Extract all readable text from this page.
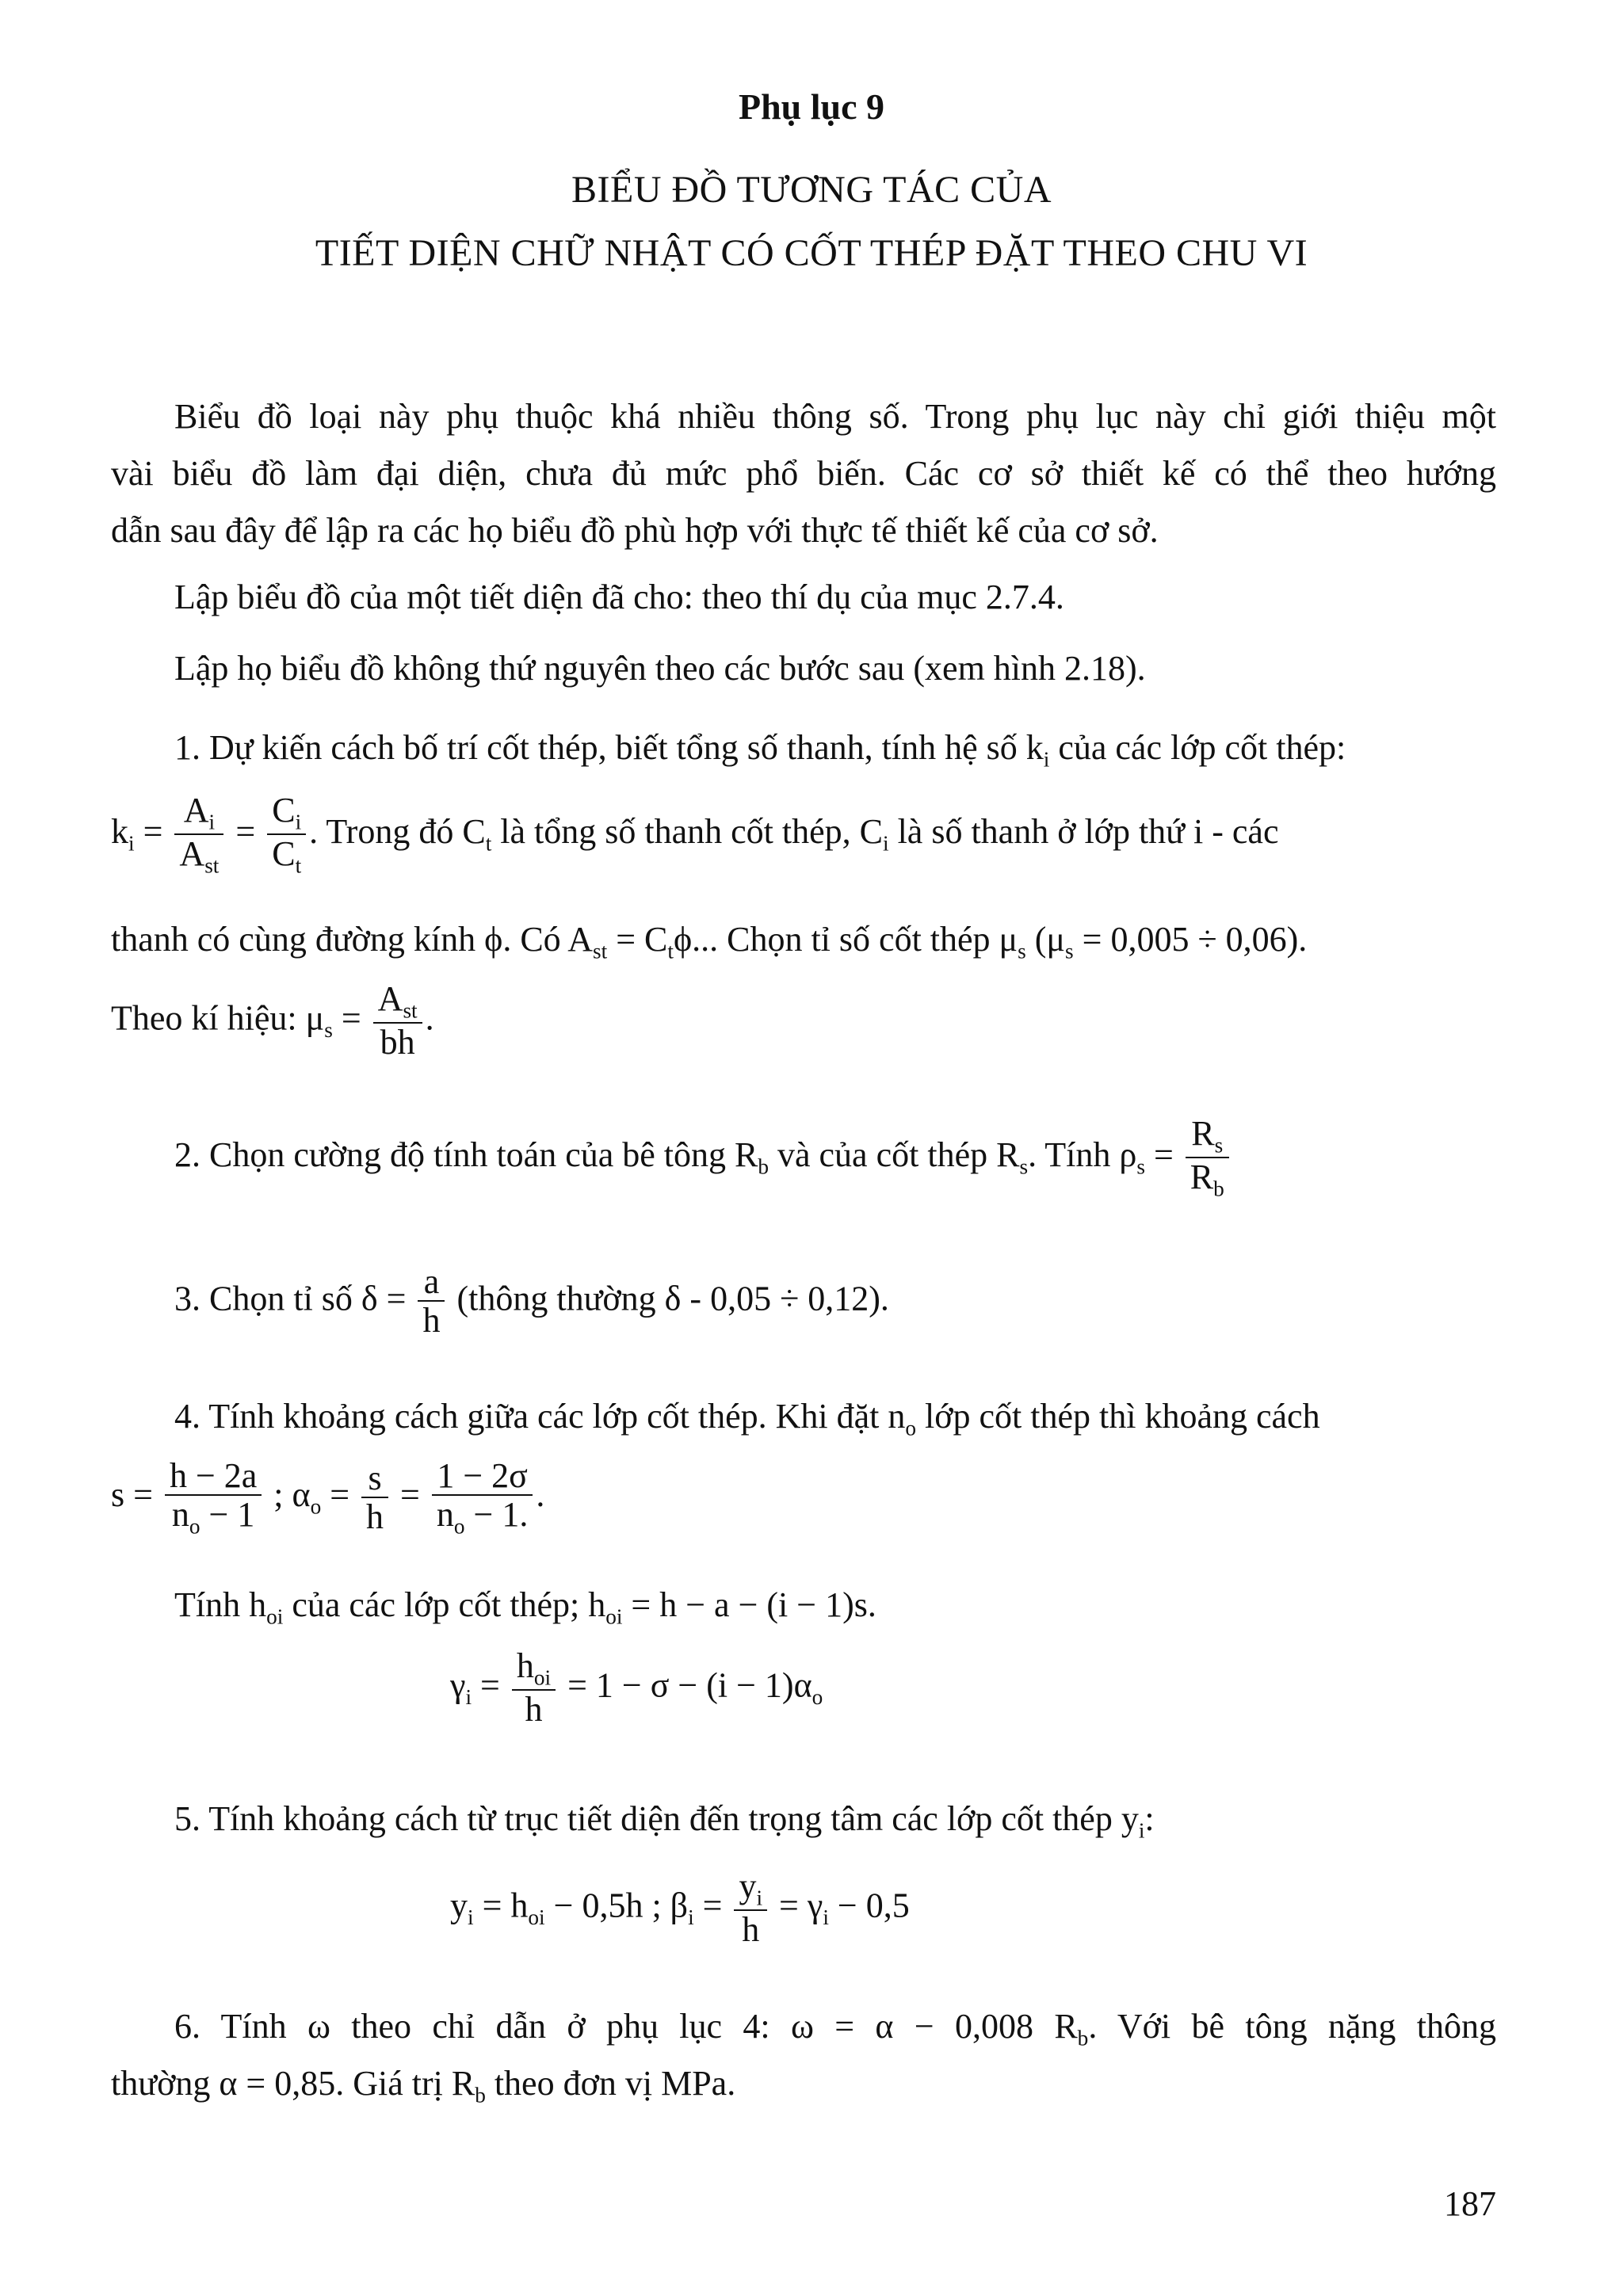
Phụ lục 9
BIỂU ĐỒ TƯƠNG TÁC CỦA
TIẾT DIỆN CHỮ NHẬT CÓ CỐT THÉP ĐẶT THEO CHU VI
Biểu đồ loại này phụ thuộc khá nhiều thông số. Trong phụ lục này chỉ giới thiệu một
vài biểu đồ làm đại diện, chưa đủ mức phổ biến. Các cơ sở thiết kế có thể theo hướng
dẫn sau đây để lập ra các họ biểu đồ phù hợp với thực tế thiết kế của cơ sở.
Lập biểu đồ của một tiết diện đã cho: theo thí dụ của mục 2.7.4.
Lập họ biểu đồ không thứ nguyên theo các bước sau (xem hình 2.18).
1. Dự kiến cách bố trí cốt thép, biết tổng số thanh, tính hệ số $k_i$ của các lớp cốt thép:
$k_i = \frac{A_i}{A_{st}} = \frac{C_i}{C_t}$ . Trong đó $C_t$ là tổng số thanh cốt thép, $C_i$ là số thanh ở lớp thứ i - các
thanh có cùng đường kính ϕ. Có $A_{st} = C_t\phi$... Chọn tỉ số cốt thép $\mu_s$ $(\mu_s = 0,005 \div 0,06)$.
Theo kí hiệu: $\mu_s = \frac{A_{st}}{bh}$ .
2. Chọn cường độ tính toán của bê tông $R_b$ và của cốt thép $R_s$. Tính $\rho_s = \frac{R_s}{R_b}$
3. Chọn tỉ số $\delta = \frac{a}{h}$ (thông thường δ ‑ 0,05 ÷ 0,12).
4. Tính khoảng cách giữa các lớp cốt thép. Khi đặt $n_o$ lớp cốt thép thì khoảng cách
$s = \frac{h - 2a}{n_o - 1}$ ; $\alpha_o = \frac{s}{h} = \frac{1 - 2\sigma}{n_o - 1.}$ .
Tính $h_{oi}$ của các lớp cốt thép; $h_{oi} = h - a - (i - 1)s$.
$\gamma_i = \frac{h_{oi}}{h} = 1 - \sigma - (i - 1)\alpha_o$
5. Tính khoảng cách từ trục tiết diện đến trọng tâm các lớp cốt thép $y_i$:
$y_i = h_{oi} - 0,5h$ ; $\beta_i = \frac{y_i}{h} = \gamma_i - 0,5$
6. Tính ω theo chỉ dẫn ở phụ lục 4: ω = α − 0,008 $R_b$. Với bê tông nặng thông
thường α = 0,85. Giá trị $R_b$ theo đơn vị MPa.
187
